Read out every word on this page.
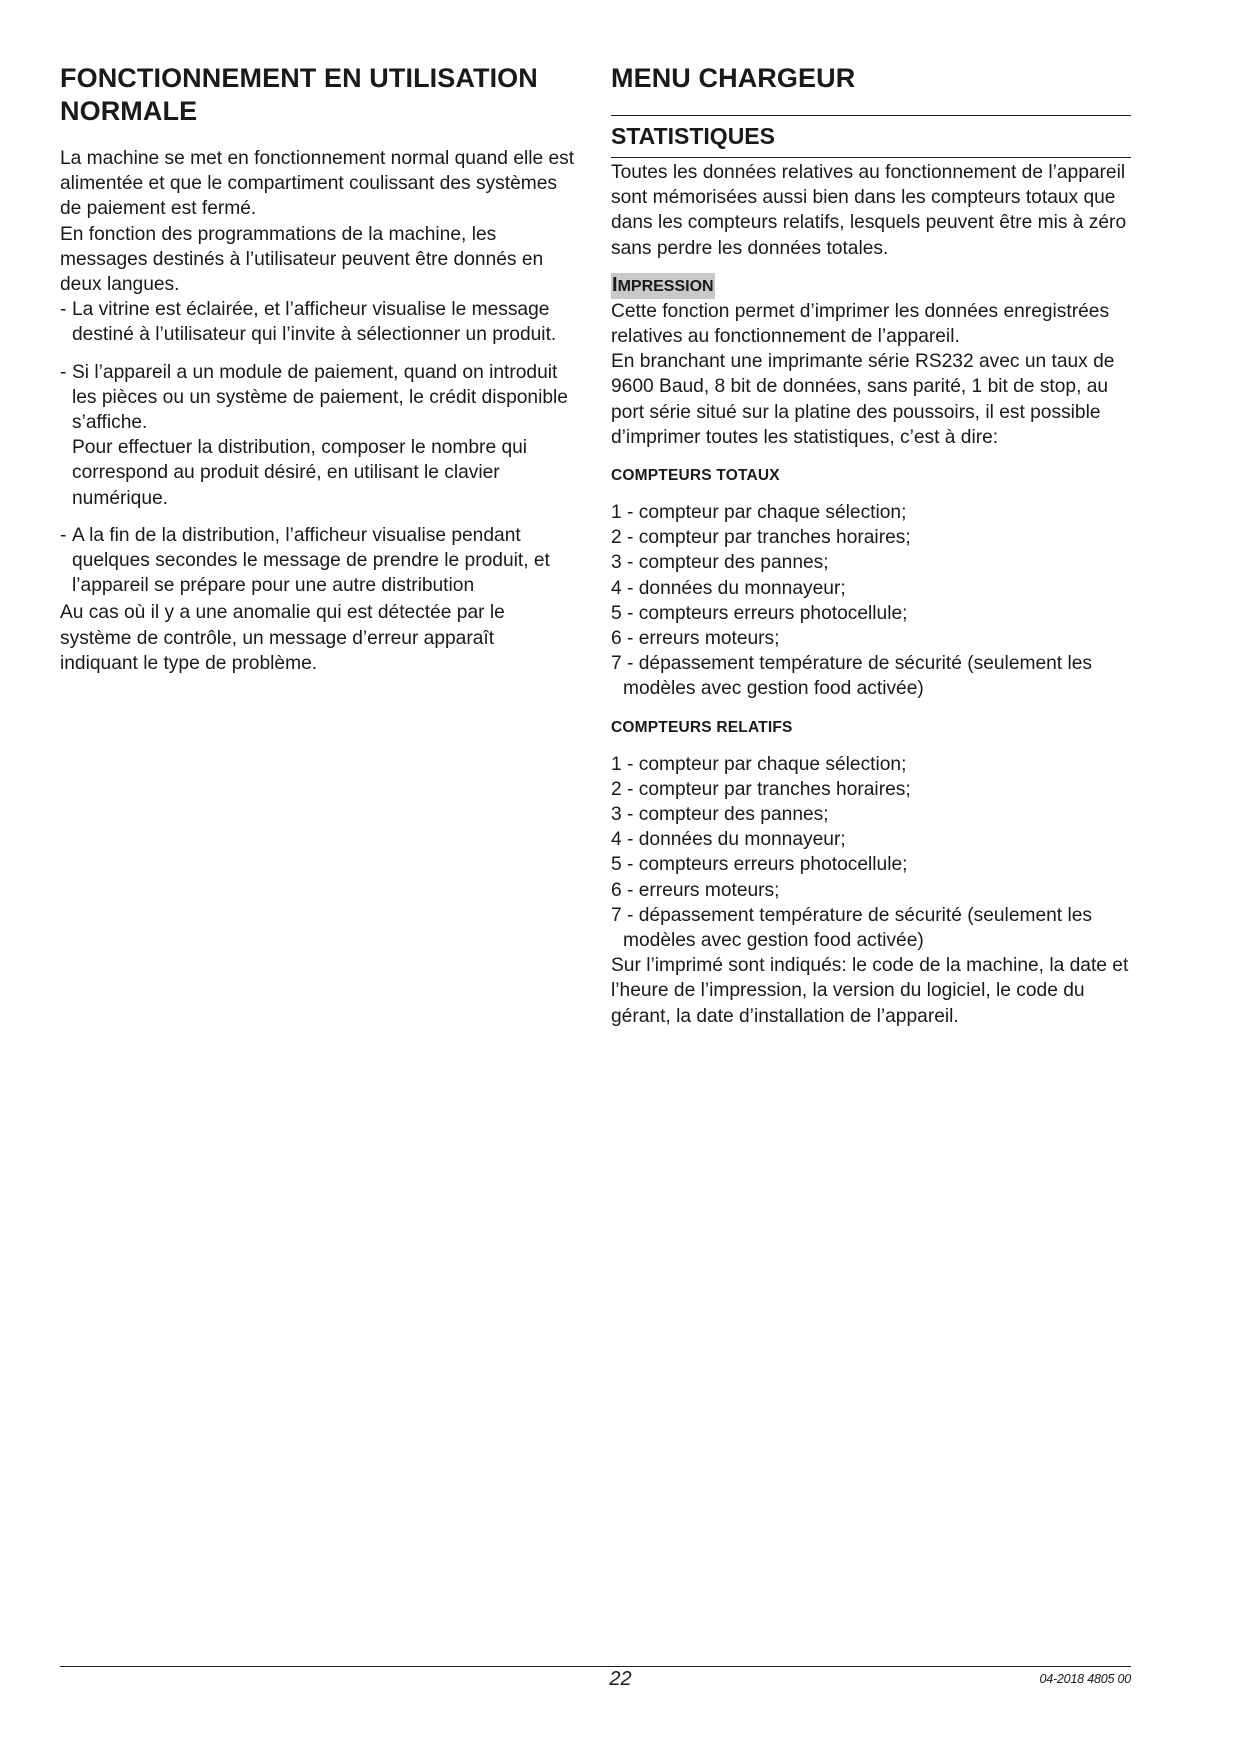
FONCTIONNEMENT EN UTILISATION NORMALE

La machine se met en fonctionnement normal quand elle est alimentée et que le compartiment coulissant des systèmes de paiement est fermé.

En fonction des programmations de la machine, les messages destinés à l’utilisateur peuvent être donnés en deux langues.

- La vitrine est éclairée, et l’afficheur visualise le message destiné à l’utilisateur qui l’invite à sélectionner un produit.
- Si l’appareil a un module de paiement, quand on introduit les pièces ou un système de paiement, le crédit disponible s’affiche.
Pour effectuer la distribution, composer le nombre qui correspond au produit désiré, en utilisant le clavier numérique.
- A la fin de la distribution, l’afficheur visualise pendant quelques secondes le message de prendre le produit, et l’appareil se prépare pour une autre distribution

Au cas où il y a une anomalie qui est détectée par le système de contrôle, un message d’erreur apparaît indiquant le type de problème.

MENU CHARGEUR
STATISTIQUES

Toutes les données relatives au fonctionnement de l’appareil sont mémorisées aussi bien dans les compteurs totaux que dans les compteurs relatifs, lesquels peuvent être mis à zéro sans perdre les données totales.

IMPRESSION

Cette fonction permet d’imprimer les données enregistrées relatives au fonctionnement de l’appareil.

En branchant une imprimante série RS232 avec un taux de 9600 Baud, 8 bit de données, sans parité, 1 bit de stop, au port série situé sur la platine des poussoirs, il est possible d’imprimer toutes les statistiques, c’est à dire:

COMPTEURS TOTAUX
1 - compteur par chaque sélection;
2 - compteur par tranches horaires;
3 - compteur des pannes;
4 - données du monnayeur;
5 - compteurs erreurs photocellule;
6 - erreurs moteurs;
7 - dépassement température de sécurité (seulement les modèles avec gestion food activée)
COMPTEURS RELATIFS
1 - compteur par chaque sélection;
2 - compteur par tranches horaires;
3 - compteur des pannes;
4 - données du monnayeur;
5 - compteurs erreurs photocellule;
6 - erreurs moteurs;
7 - dépassement température de sécurité (seulement les modèles avec gestion food activée)

Sur l’imprimé sont indiqués: le code de la machine, la date et l’heure de l’impression, la version du logiciel, le code du gérant, la date d’installation de l’appareil.

22	04-2018 4805 00
